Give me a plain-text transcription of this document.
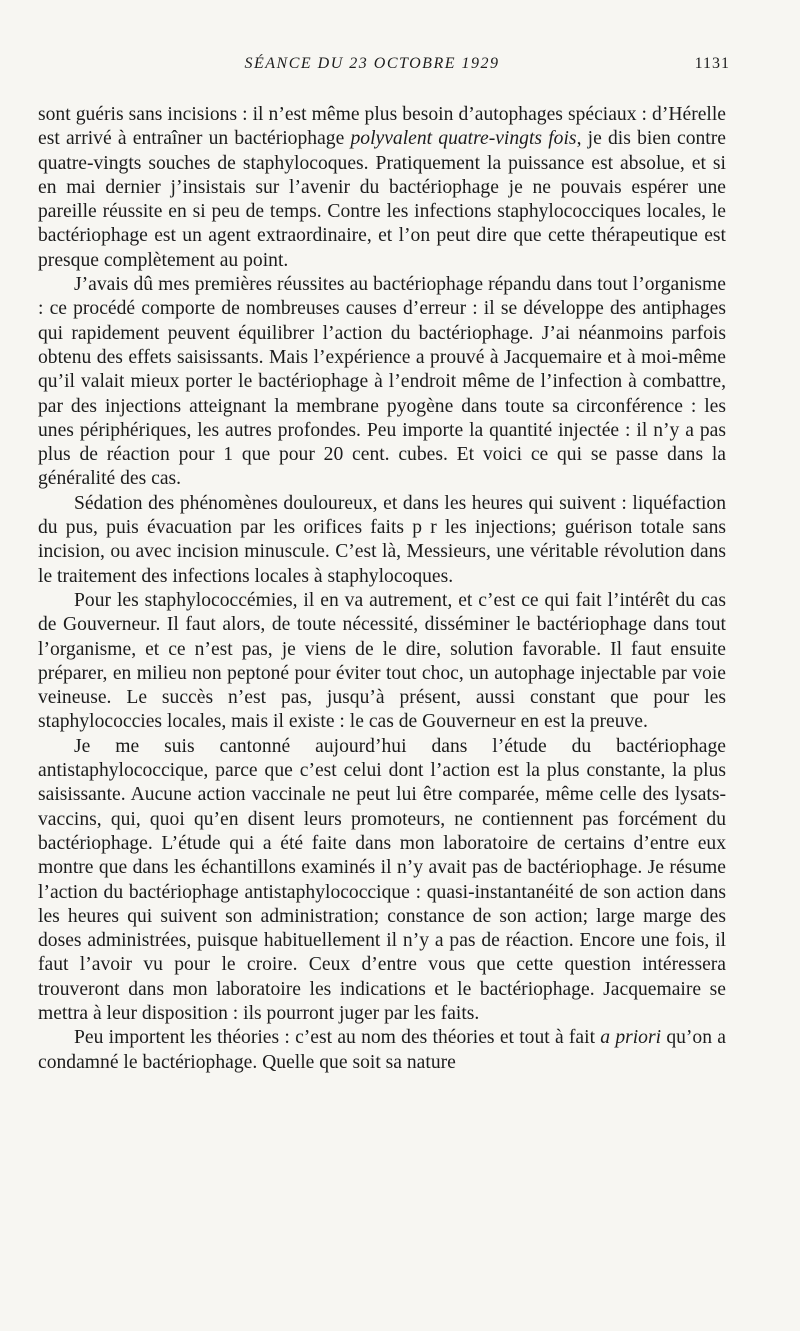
SÉANCE DU 23 OCTOBRE 1929	1131

sont guéris sans incisions : il n’est même plus besoin d’autophages spéciaux : d’Hérelle est arrivé à entraîner un bactériophage polyvalent quatre-vingts fois, je dis bien contre quatre-vingts souches de staphylocoques. Pratiquement la puissance est absolue, et si en mai dernier j’insistais sur l’avenir du bactériophage je ne pouvais espérer une pareille réussite en si peu de temps. Contre les infections staphylococciques locales, le bactériophage est un agent extraordinaire, et l’on peut dire que cette thérapeutique est presque complètement au point.

J’avais dû mes premières réussites au bactériophage répandu dans tout l’organisme : ce procédé comporte de nombreuses causes d’erreur : il se développe des antiphages qui rapidement peuvent équilibrer l’action du bactériophage. J’ai néanmoins parfois obtenu des effets saisissants. Mais l’expérience a prouvé à Jacquemaire et à moi-même qu’il valait mieux porter le bactériophage à l’endroit même de l’infection à combattre, par des injections atteignant la membrane pyogène dans toute sa circonférence : les unes périphériques, les autres profondes. Peu importe la quantité injectée : il n’y a pas plus de réaction pour 1 que pour 20 cent. cubes. Et voici ce qui se passe dans la généralité des cas.

Sédation des phénomènes douloureux, et dans les heures qui suivent : liquéfaction du pus, puis évacuation par les orifices faits p r les injections; guérison totale sans incision, ou avec incision minuscule. C’est là, Messieurs, une véritable révolution dans le traitement des infections locales à staphylocoques.

Pour les staphylococcémies, il en va autrement, et c’est ce qui fait l’intérêt du cas de Gouverneur. Il faut alors, de toute nécessité, disséminer le bactériophage dans tout l’organisme, et ce n’est pas, je viens de le dire, solution favorable. Il faut ensuite préparer, en milieu non peptoné pour éviter tout choc, un autophage injectable par voie veineuse. Le succès n’est pas, jusqu’à présent, aussi constant que pour les staphylococcies locales, mais il existe : le cas de Gouverneur en est la preuve.

Je me suis cantonné aujourd’hui dans l’étude du bactériophage antistaphylococcique, parce que c’est celui dont l’action est la plus constante, la plus saisissante. Aucune action vaccinale ne peut lui être comparée, même celle des lysats-vaccins, qui, quoi qu’en disent leurs promoteurs, ne contiennent pas forcément du bactériophage. L’étude qui a été faite dans mon laboratoire de certains d’entre eux montre que dans les échantillons examinés il n’y avait pas de bactériophage. Je résume l’action du bactériophage antistaphylococcique : quasi-instantanéité de son action dans les heures qui suivent son administration; constance de son action; large marge des doses administrées, puisque habituellement il n’y a pas de réaction. Encore une fois, il faut l’avoir vu pour le croire. Ceux d’entre vous que cette question intéressera trouveront dans mon laboratoire les indications et le bactériophage. Jacquemaire se mettra à leur disposition : ils pourront juger par les faits.

Peu importent les théories : c’est au nom des théories et tout à fait a priori qu’on a condamné le bactériophage. Quelle que soit sa nature
